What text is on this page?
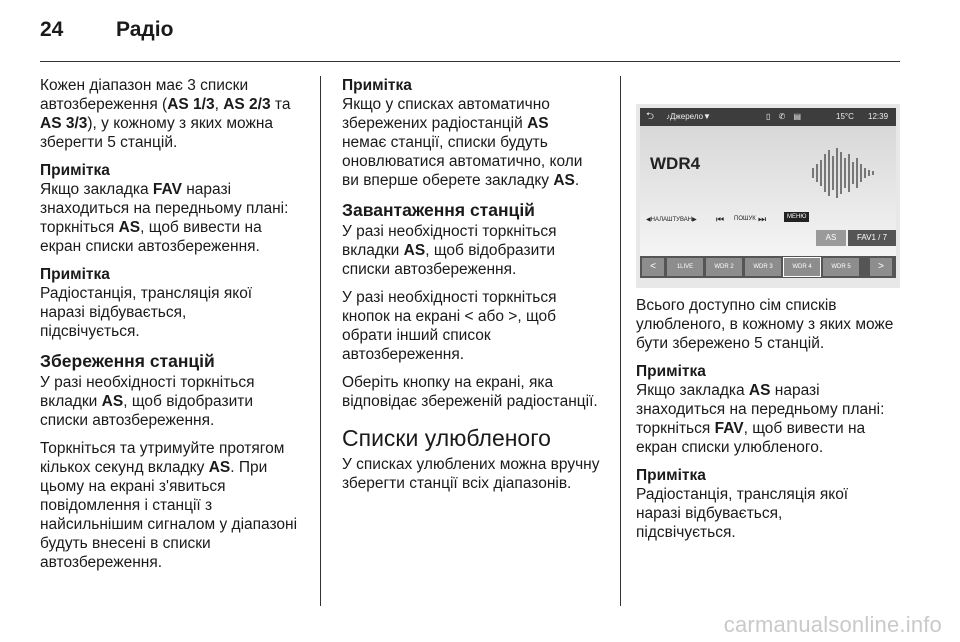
24	Радіо

Кожен діапазон має 3 списки
автозбереження (AS 1/3, AS 2/3 та
AS 3/3), у кожному з яких можна
зберегти 5 станцій.

Примітка
Якщо закладка FAV наразі
знаходиться на передньому плані:
торкніться AS, щоб вивести на
екран списки автозбереження.

Примітка
Радіостанція, трансляція якої
наразі відбувається,
підсвічується.

Збереження станцій

У разі необхідності торкніться
вкладки AS, щоб відобразити
списки автозбереження.

Торкніться та утримуйте протягом
кількох секунд вкладку AS. При
цьому на екрані з'явиться
повідомлення і станції з
найсильнішим сигналом у діапазоні
будуть внесені в списки
автозбереження.

Примітка
Якщо у списках автоматично
збережених радіостанцій AS
немає станції, списки будуть
оновлюватися автоматично, коли
ви вперше оберете закладку AS.

Завантаження станцій

У разі необхідності торкніться
вкладки AS, щоб відобразити
списки автозбереження.

У разі необхідності торкніться
кнопок на екрані < або >, щоб
обрати інший список
автозбереження.

Оберіть кнопку на екрані, яка
відповідає збереженій радіостанції.

Списки улюбленого

У списках улюблених можна вручну
зберегти станції всіх діапазонів.

⮌ ♪Джерело▼	▯ ✆ ▤	15°C 12:39
WDR4
◀НАЛАШТУВАН▶ ⏮ ПОШУК ⏭	МЕНЮ
AS	FAV1 / 7
<	1LIVE	WDR 2	WDR 3	WDR 4	WDR 5	>

Всього доступно сім списків
улюбленого, в кожному з яких може
бути збережено 5 станцій.

Примітка
Якщо закладка AS наразі
знаходиться на передньому плані:
торкніться FAV, щоб вивести на
екран списки улюбленого.

Примітка
Радіостанція, трансляція якої
наразі відбувається,
підсвічується.

carmanualsonline.info
